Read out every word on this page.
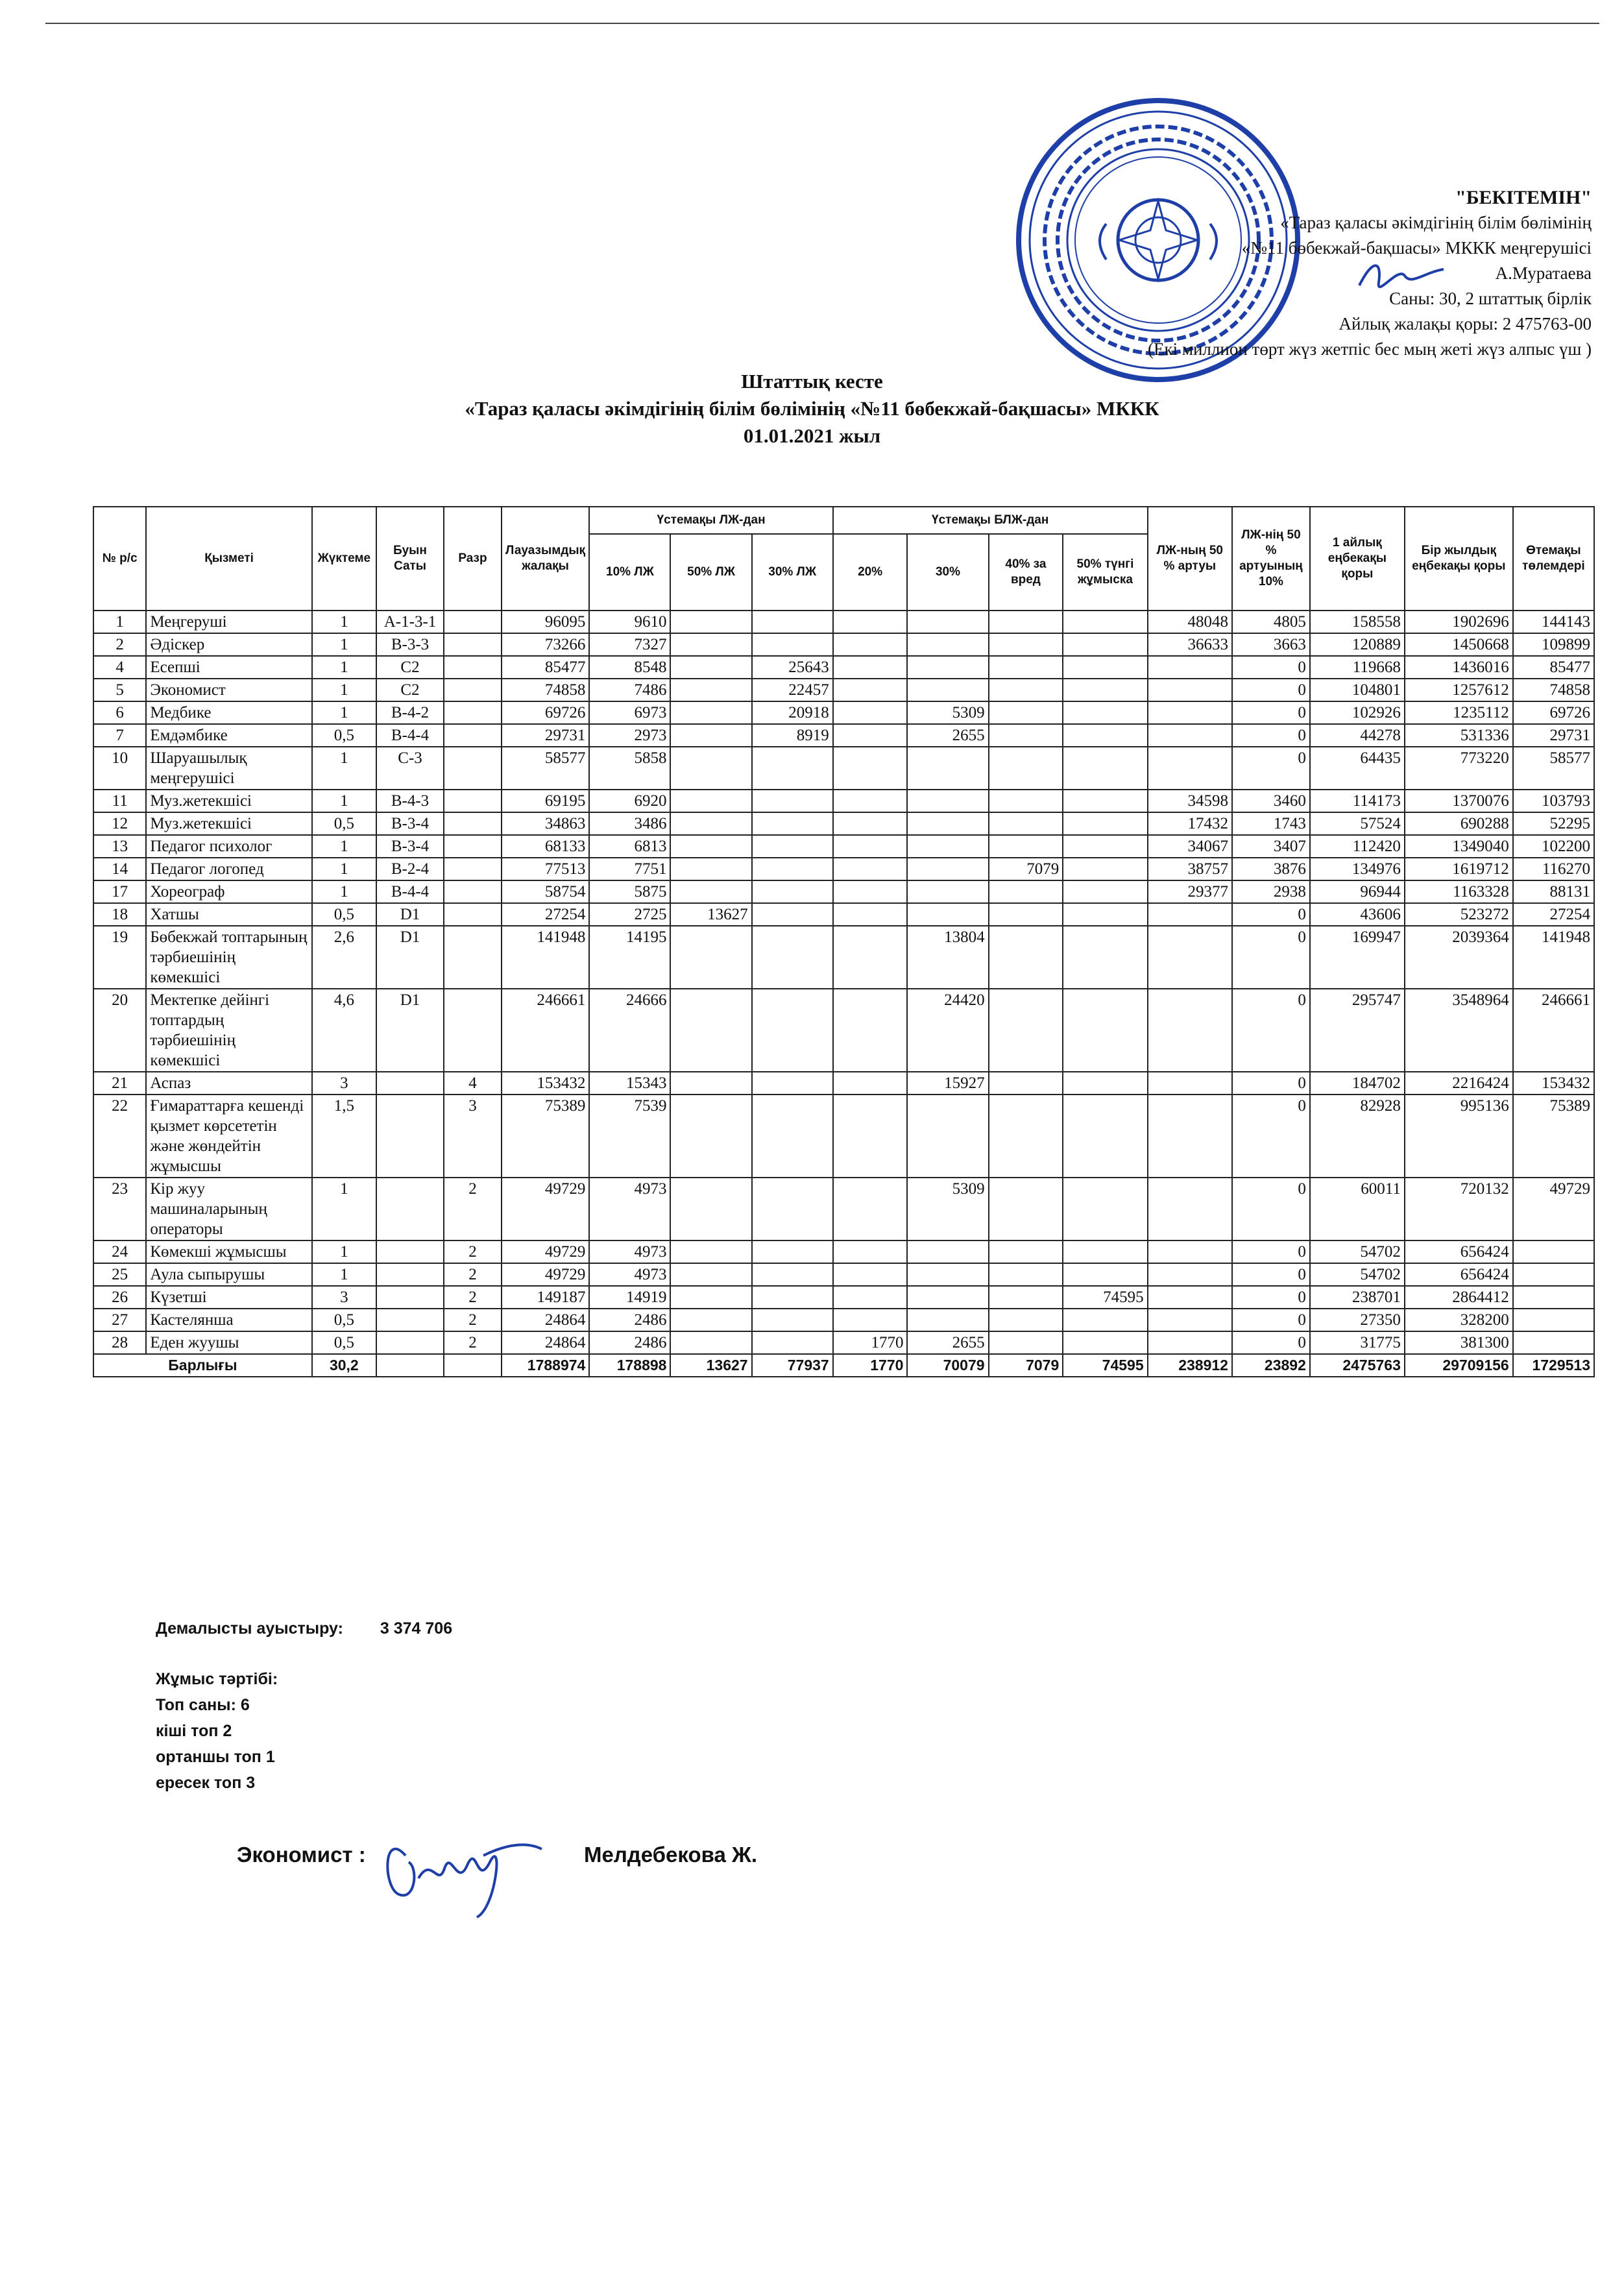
"БЕКІТЕМІН"
«Тараз қаласы әкімдігінің білім бөлімінің
«№11 бөбекжай-бақшасы» МККК меңгерушісі
А.Муратаева
Саны: 30, 2 штаттық бірлік
Айлық жалақы қоры: 2 475763-00
(Екі миллион төрт жүз жетпіс бес мың жеті жүз алпыс үш )
Штаттық кесте
«Тараз қаласы әкімдігінің білім бөлімінің «№11 бөбекжай-бақшасы» МККК
01.01.2021 жыл
№ р/с	Қызметі	Жүктеме	Буын Саты	Разр	Лауазымдық жалақы	Үстемақы ЛЖ-дан			Үстемақы БЛЖ-дан				ЛЖ-ның 50 % артуы	ЛЖ-нің 50 % артуының 10%	1 айлық еңбекақы қоры	Бір жылдық еңбекақы қоры	Өтемақы төлемдері
						10% ЛЖ	50% ЛЖ	30% ЛЖ	20%	30%	40% за вред	50% түнгі жұмыска					
1	Меңгеруші	1	А-1-3-1		96095	9610							48048	4805	158558	1902696	144143
2	Әдіскер	1	В-3-3		73266	7327							36633	3663	120889	1450668	109899
4	Есепші	1	С2		85477	8548		25643						0	119668	1436016	85477
5	Экономист	1	С2		74858	7486		22457						0	104801	1257612	74858
6	Медбике	1	В-4-2		69726	6973		20918		5309				0	102926	1235112	69726
7	Емдәмбике	0,5	В-4-4		29731	2973		8919		2655				0	44278	531336	29731
10	Шаруашылық меңгерушісі	1	С-3		58577	5858								0	64435	773220	58577
11	Муз.жетекшісі	1	В-4-3		69195	6920							34598	3460	114173	1370076	103793
12	Муз.жетекшісі	0,5	В-3-4		34863	3486							17432	1743	57524	690288	52295
13	Педагог психолог	1	В-3-4		68133	6813							34067	3407	112420	1349040	102200
14	Педагог логопед	1	В-2-4		77513	7751					7079		38757	3876	134976	1619712	116270
17	Хореограф	1	В-4-4		58754	5875							29377	2938	96944	1163328	88131
18	Хатшы	0,5	D1		27254	2725	13627							0	43606	523272	27254
19	Бөбекжай топтарының тәрбиешінің көмекшісі	2,6	D1		141948	14195				13804				0	169947	2039364	141948
20	Мектепке дейінгі топтардың тәрбиешінің көмекшісі	4,6	D1		246661	24666				24420				0	295747	3548964	246661
21	Аспаз	3		4	153432	15343				15927				0	184702	2216424	153432
22	Ғимараттарға кешенді қызмет көрсететін және жөндейтін жұмысшы	1,5		3	75389	7539								0	82928	995136	75389
23	Кір жуу машиналарының операторы	1		2	49729	4973				5309				0	60011	720132	49729
24	Көмекші жұмысшы	1		2	49729	4973								0	54702	656424	
25	Аула сыпырушы	1		2	49729	4973								0	54702	656424	
26	Күзетші	3		2	149187	14919						74595		0	238701	2864412	
27	Кастелянша	0,5		2	24864	2486								0	27350	328200	
28	Еден жуушы	0,5		2	24864	2486			1770	2655				0	31775	381300	
Барлығы		30,2			1788974	178898	13627	77937	1770	70079	7079	74595	238912	23892	2475763	29709156	1729513
Демалысты ауыстыру: 3 374 706
Жұмыс тәртібі:
Топ саны: 6
кіші топ 2
ортаншы топ 1
ересек топ 3
Экономист :	Мелдебекова Ж.
